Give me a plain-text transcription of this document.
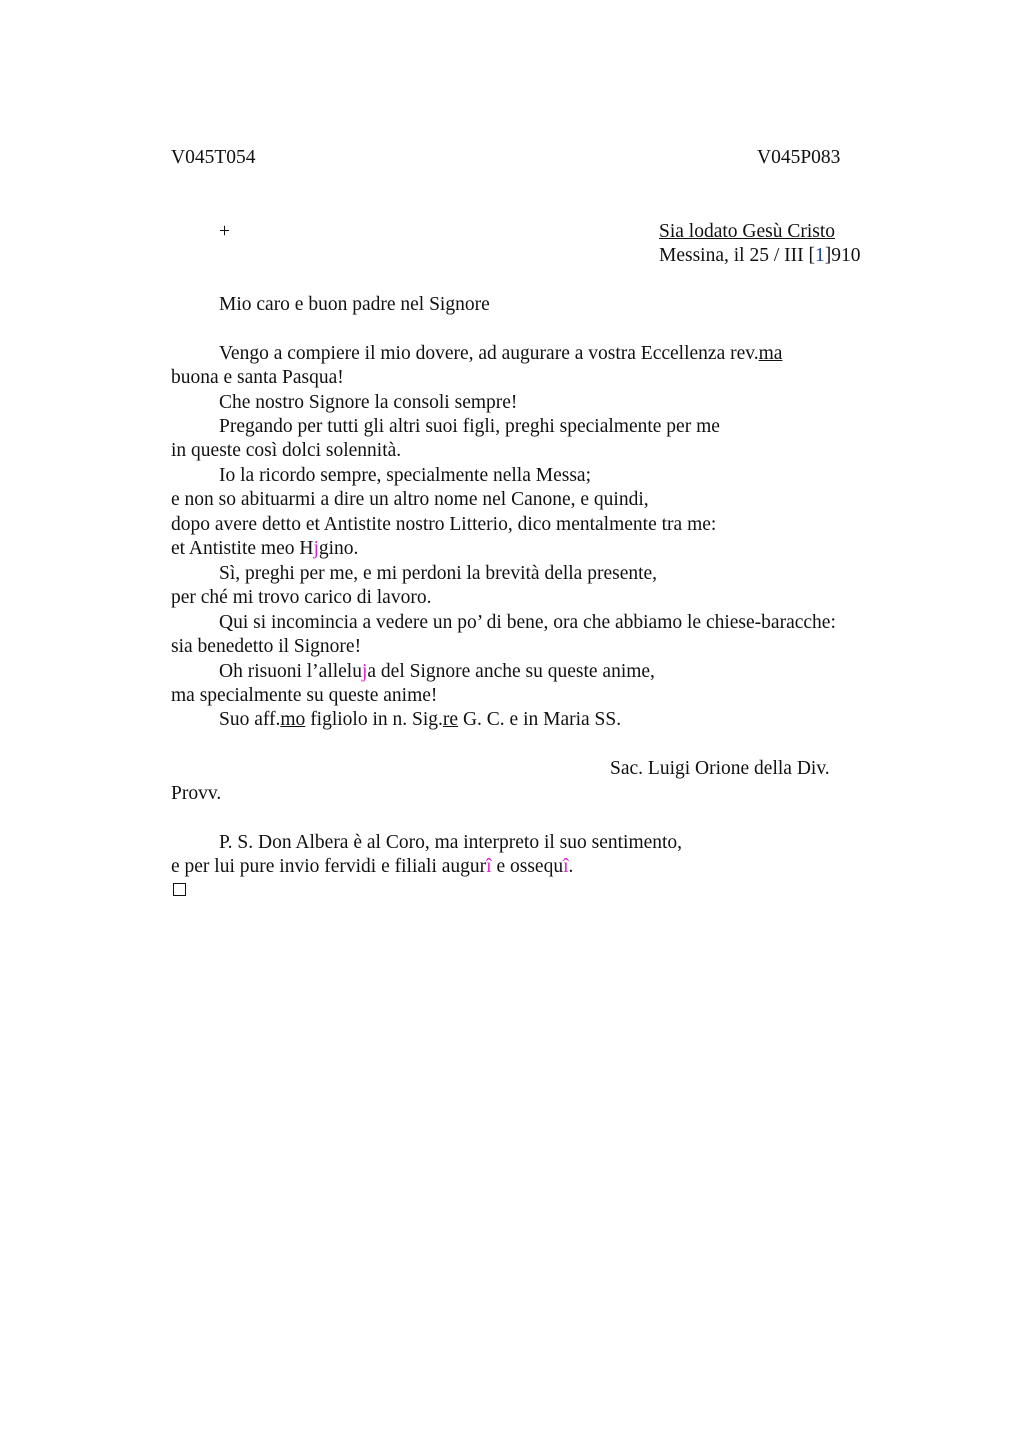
V045T054	V045P083
+	Sia lodato Gesù Cristo
Messina, il 25 / III [1]910
Mio caro e buon padre nel Signore
Vengo a compiere il mio dovere, ad augurare a vostra Eccellenza rev.ma
buona e santa Pasqua!
Che nostro Signore la consoli sempre!
Pregando per tutti gli altri suoi figli, preghi specialmente per me
in queste così dolci solennità.
Io la ricordo sempre, specialmente nella Messa;
e non so abituarmi a dire un altro nome nel Canone, e quindi,
dopo avere detto et Antistite nostro Litterio, dico mentalmente tra me:
et Antistite meo Hjgino.
Sì, preghi per me, e mi perdoni la brevità della presente,
per ché mi trovo carico di lavoro.
Qui si incomincia a vedere un po’ di bene, ora che abbiamo le chiese-baracche:
sia benedetto il Signore!
Oh risuoni l’alleluja del Signore anche su queste anime,
ma specialmente su queste anime!
Suo aff.mo figliolo in n. Sig.re G. C. e in Maria SS.
Sac. Luigi Orione della Div.
Provv.
P. S. Don Albera è al Coro, ma interpreto il suo sentimento,
e per lui pure invio fervidi e filiali augurî e ossequî.
